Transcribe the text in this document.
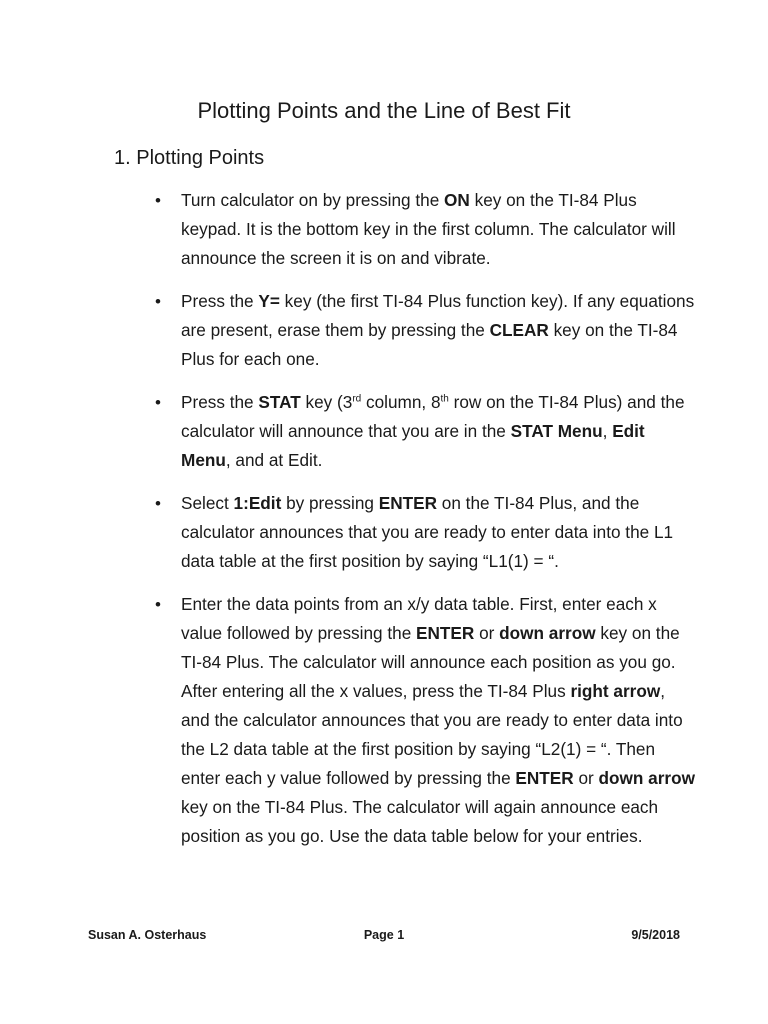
Plotting Points and the Line of Best Fit
1. Plotting Points
• Turn calculator on by pressing the ON key on the TI-84 Plus keypad. It is the bottom key in the first column. The calculator will announce the screen it is on and vibrate.
• Press the Y= key (the first TI-84 Plus function key). If any equations are present, erase them by pressing the CLEAR key on the TI-84 Plus for each one.
• Press the STAT key (3rd column, 8th row on the TI-84 Plus) and the calculator will announce that you are in the STAT Menu, Edit Menu, and at Edit.
• Select 1:Edit by pressing ENTER on the TI-84 Plus, and the calculator announces that you are ready to enter data into the L1 data table at the first position by saying “L1(1) = “.
• Enter the data points from an x/y data table. First, enter each x value followed by pressing the ENTER or down arrow key on the TI-84 Plus. The calculator will announce each position as you go. After entering all the x values, press the TI-84 Plus right arrow, and the calculator announces that you are ready to enter data into the L2 data table at the first position by saying “L2(1) = “. Then enter each y value followed by pressing the ENTER or down arrow key on the TI-84 Plus. The calculator will again announce each position as you go. Use the data table below for your entries.
Susan A. Osterhaus	Page 1	9/5/2018
